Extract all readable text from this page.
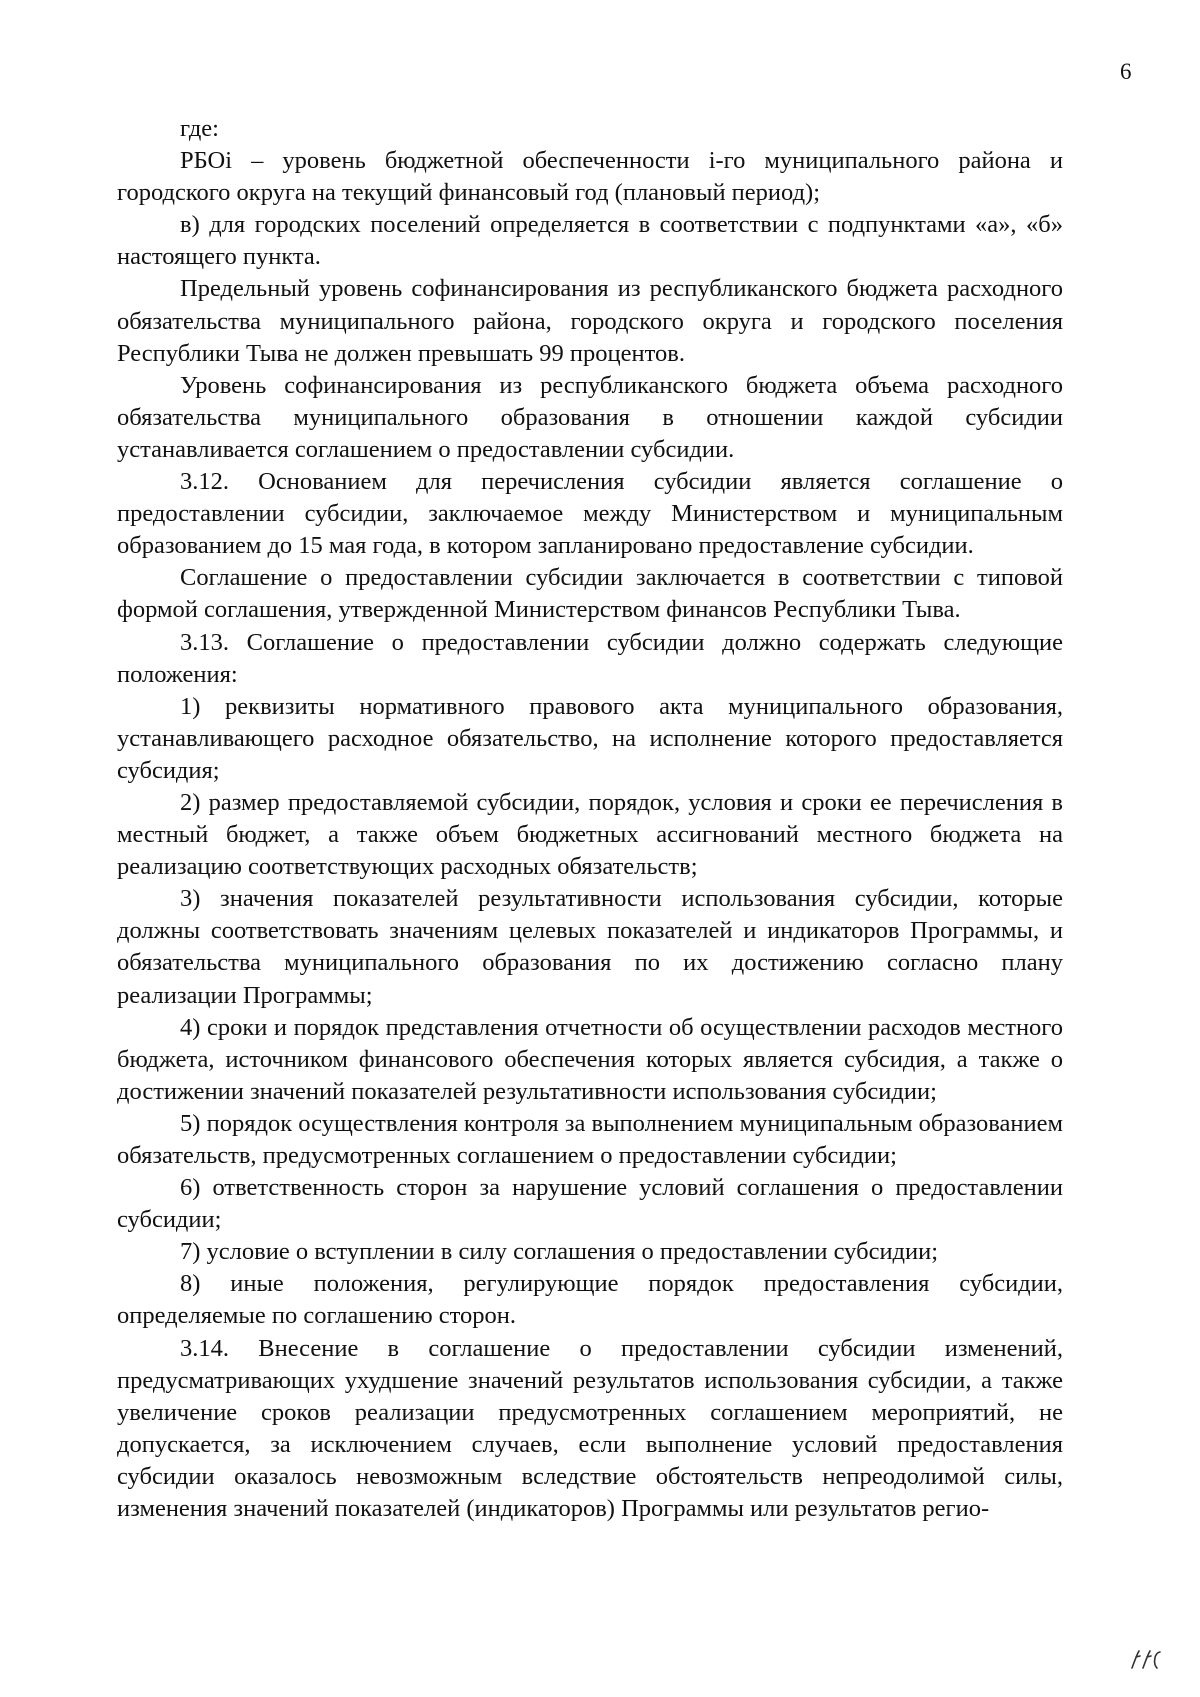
6

где:

РБОi – уровень бюджетной обеспеченности i-го муниципального района и городского округа на текущий финансовый год (плановый период);

в) для городских поселений определяется в соответствии с подпунктами «а», «б» настоящего пункта.

Предельный уровень софинансирования из республиканского бюджета расходного обязательства муниципального района, городского округа и городского поселения Республики Тыва не должен превышать 99 процентов.

Уровень софинансирования из республиканского бюджета объема расходного обязательства муниципального образования в отношении каждой субсидии устанавливается соглашением о предоставлении субсидии.

3.12. Основанием для перечисления субсидии является соглашение о предоставлении субсидии, заключаемое между Министерством и муниципальным образованием до 15 мая года, в котором запланировано предоставление субсидии.

Соглашение о предоставлении субсидии заключается в соответствии с типовой формой соглашения, утвержденной Министерством финансов Республики Тыва.

3.13. Соглашение о предоставлении субсидии должно содержать следующие положения:

1) реквизиты нормативного правового акта муниципального образования, устанавливающего расходное обязательство, на исполнение которого предоставляется субсидия;

2) размер предоставляемой субсидии, порядок, условия и сроки ее перечисления в местный бюджет, а также объем бюджетных ассигнований местного бюджета на реализацию соответствующих расходных обязательств;

3) значения показателей результативности использования субсидии, которые должны соответствовать значениям целевых показателей и индикаторов Программы, и обязательства муниципального образования по их достижению согласно плану реализации Программы;

4) сроки и порядок представления отчетности об осуществлении расходов местного бюджета, источником финансового обеспечения которых является субсидия, а также о достижении значений показателей результативности использования субсидии;

5) порядок осуществления контроля за выполнением муниципальным образованием обязательств, предусмотренных соглашением о предоставлении субсидии;

6) ответственность сторон за нарушение условий соглашения о предоставлении субсидии;

7) условие о вступлении в силу соглашения о предоставлении субсидии;

8) иные положения, регулирующие порядок предоставления субсидии, определяемые по соглашению сторон.

3.14. Внесение в соглашение о предоставлении субсидии изменений, предусматривающих ухудшение значений результатов использования субсидии, а также увеличение сроков реализации предусмотренных соглашением мероприятий, не допускается, за исключением случаев, если выполнение условий предоставления субсидии оказалось невозможным вследствие обстоятельств непреодолимой силы, изменения значений показателей (индикаторов) Программы или результатов регио-
